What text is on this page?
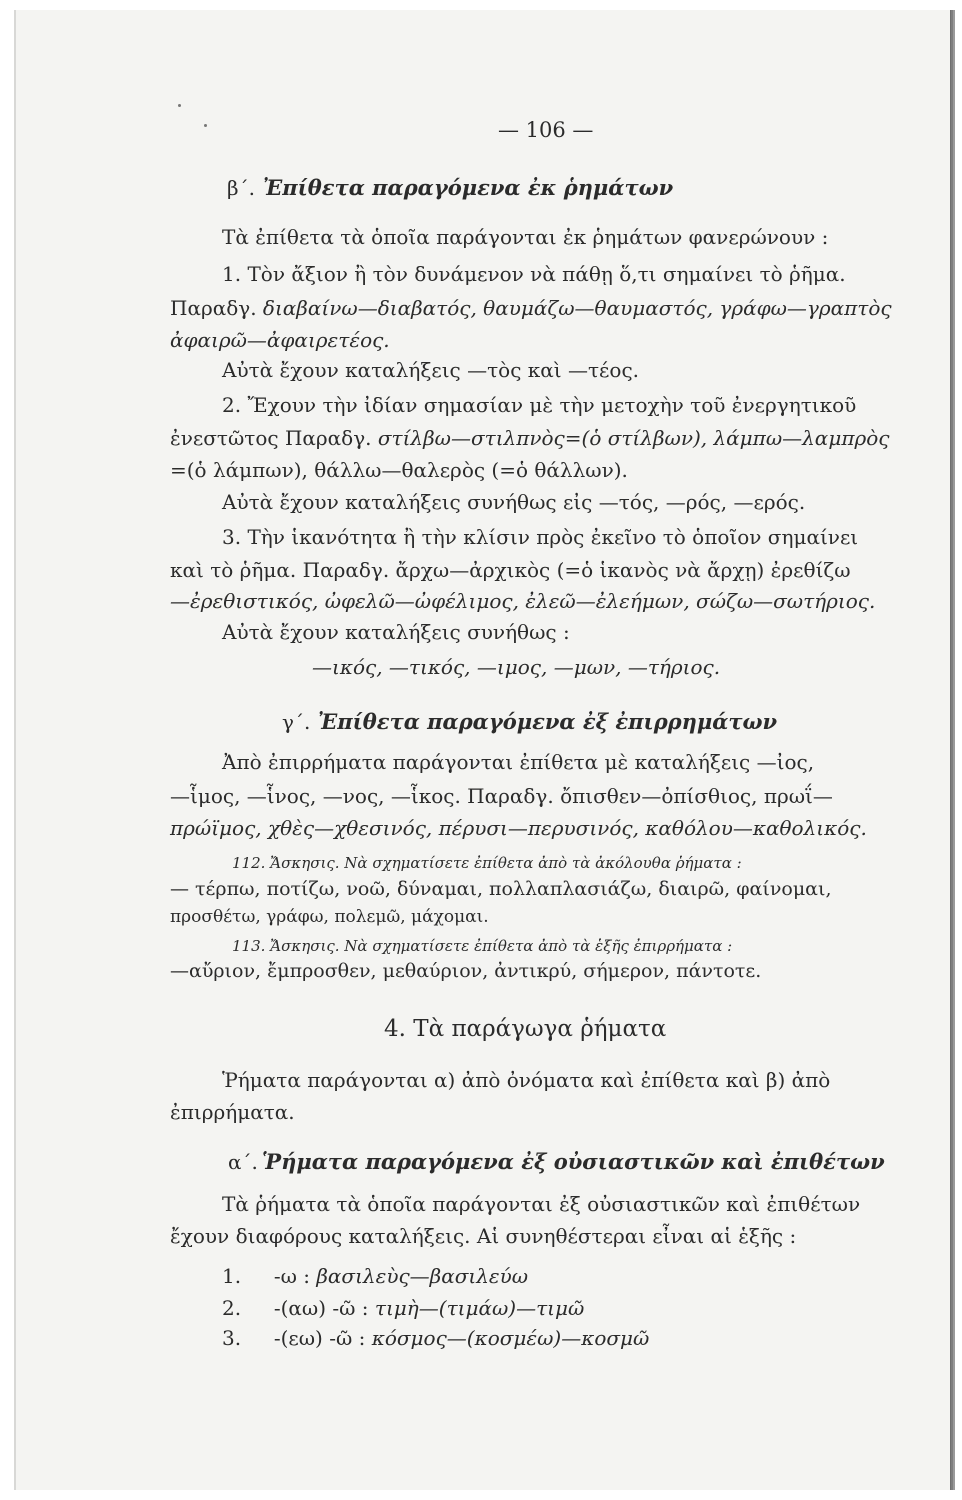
— 106 —
β΄. Ἐπίθετα παραγόμενα ἐκ ῥημάτων
Τὰ ἐπίθετα τὰ ὁποῖα παράγονται ἐκ ῥημάτων φανερώνουν :
1. Τὸν ἄξιον ἢ τὸν δυνάμενον νὰ πάθῃ ὅ,τι σημαίνει τὸ ῥῆμα.
Παραδγ. διαβαίνω—διαβατός, θαυμάζω—θαυμαστός, γράφω—γραπτὸς
ἀφαιρῶ—ἀφαιρετέος.
Αὐτὰ ἔχουν καταλήξεις —τὸς καὶ —τέος.
2. Ἔχουν τὴν ἰδίαν σημασίαν μὲ τὴν μετοχὴν τοῦ ἐνεργητικοῦ
ἐνεστῶτος Παραδγ. στίλβω—στιλπνὸς=(ὁ στίλβων), λάμπω—λαμπρὸς
=(ὁ λάμπων), θάλλω—θαλερὸς (=ὁ θάλλων).
Αὐτὰ ἔχουν καταλήξεις συνήθως εἰς —τός, —ρός, —ερός.
3. Τὴν ἱκανότητα ἢ τὴν κλίσιν πρὸς ἐκεῖνο τὸ ὁποῖον σημαίνει
καὶ τὸ ῥῆμα. Παραδγ. ἄρχω—ἀρχικὸς (=ὁ ἱκανὸς νὰ ἄρχῃ) ἐρεθίζω
—ἐρεθιστικός, ὠφελῶ—ὠφέλιμος, ἐλεῶ—ἐλεήμων, σώζω—σωτήριος.
Αὐτὰ ἔχουν καταλήξεις συνήθως :
—ικός, —τικός, —ιμος, —μων, —τήριος.
γ΄. Ἐπίθετα παραγόμενα ἐξ ἐπιρρημάτων
Ἀπὸ ἐπιρρήματα παράγονται ἐπίθετα μὲ καταλήξεις —ἰος,
—ἷμος, —ἷνος, —νος, —ἷκος. Παραδγ. ὄπισθεν—ὀπίσθιος, πρωΐ—
πρώϊμος, χθὲς—χθεσινός, πέρυσι—περυσινός, καθόλου—καθολικός.
112. Ἄσκησις. Νὰ σχηματίσετε ἐπίθετα ἀπὸ τὰ ἀκόλουθα ῥήματα :
— τέρπω, ποτίζω, νοῶ, δύναμαι, πολλαπλασιάζω, διαιρῶ, φαίνομαι,
προσθέτω, γράφω, πολεμῶ, μάχομαι.
113. Ἄσκησις. Νὰ σχηματίσετε ἐπίθετα ἀπὸ τὰ ἑξῆς ἐπιρρήματα :
—αὔριον, ἔμπροσθεν, μεθαύριον, ἀντικρύ, σήμερον, πάντοτε.
4. Τὰ παράγωγα ῥήματα
Ῥήματα παράγονται α) ἀπὸ ὀνόματα καὶ ἐπίθετα καὶ β) ἀπὸ
ἐπιρρήματα.
α΄. Ῥήματα παραγόμενα ἐξ οὐσιαστικῶν καὶ ἐπιθέτων
Τὰ ῥήματα τὰ ὁποῖα παράγονται ἐξ οὐσιαστικῶν καὶ ἐπιθέτων
ἔχουν διαφόρους καταλήξεις. Αἱ συνηθέστεραι εἶναι αἱ ἑξῆς :
1. -ω : βασιλεὺς—βασιλεύω
2. -(αω) -ῶ : τιμὴ—(τιμάω)—τιμῶ
3. -(εω) -ῶ : κόσμος—(κοσμέω)—κοσμῶ
